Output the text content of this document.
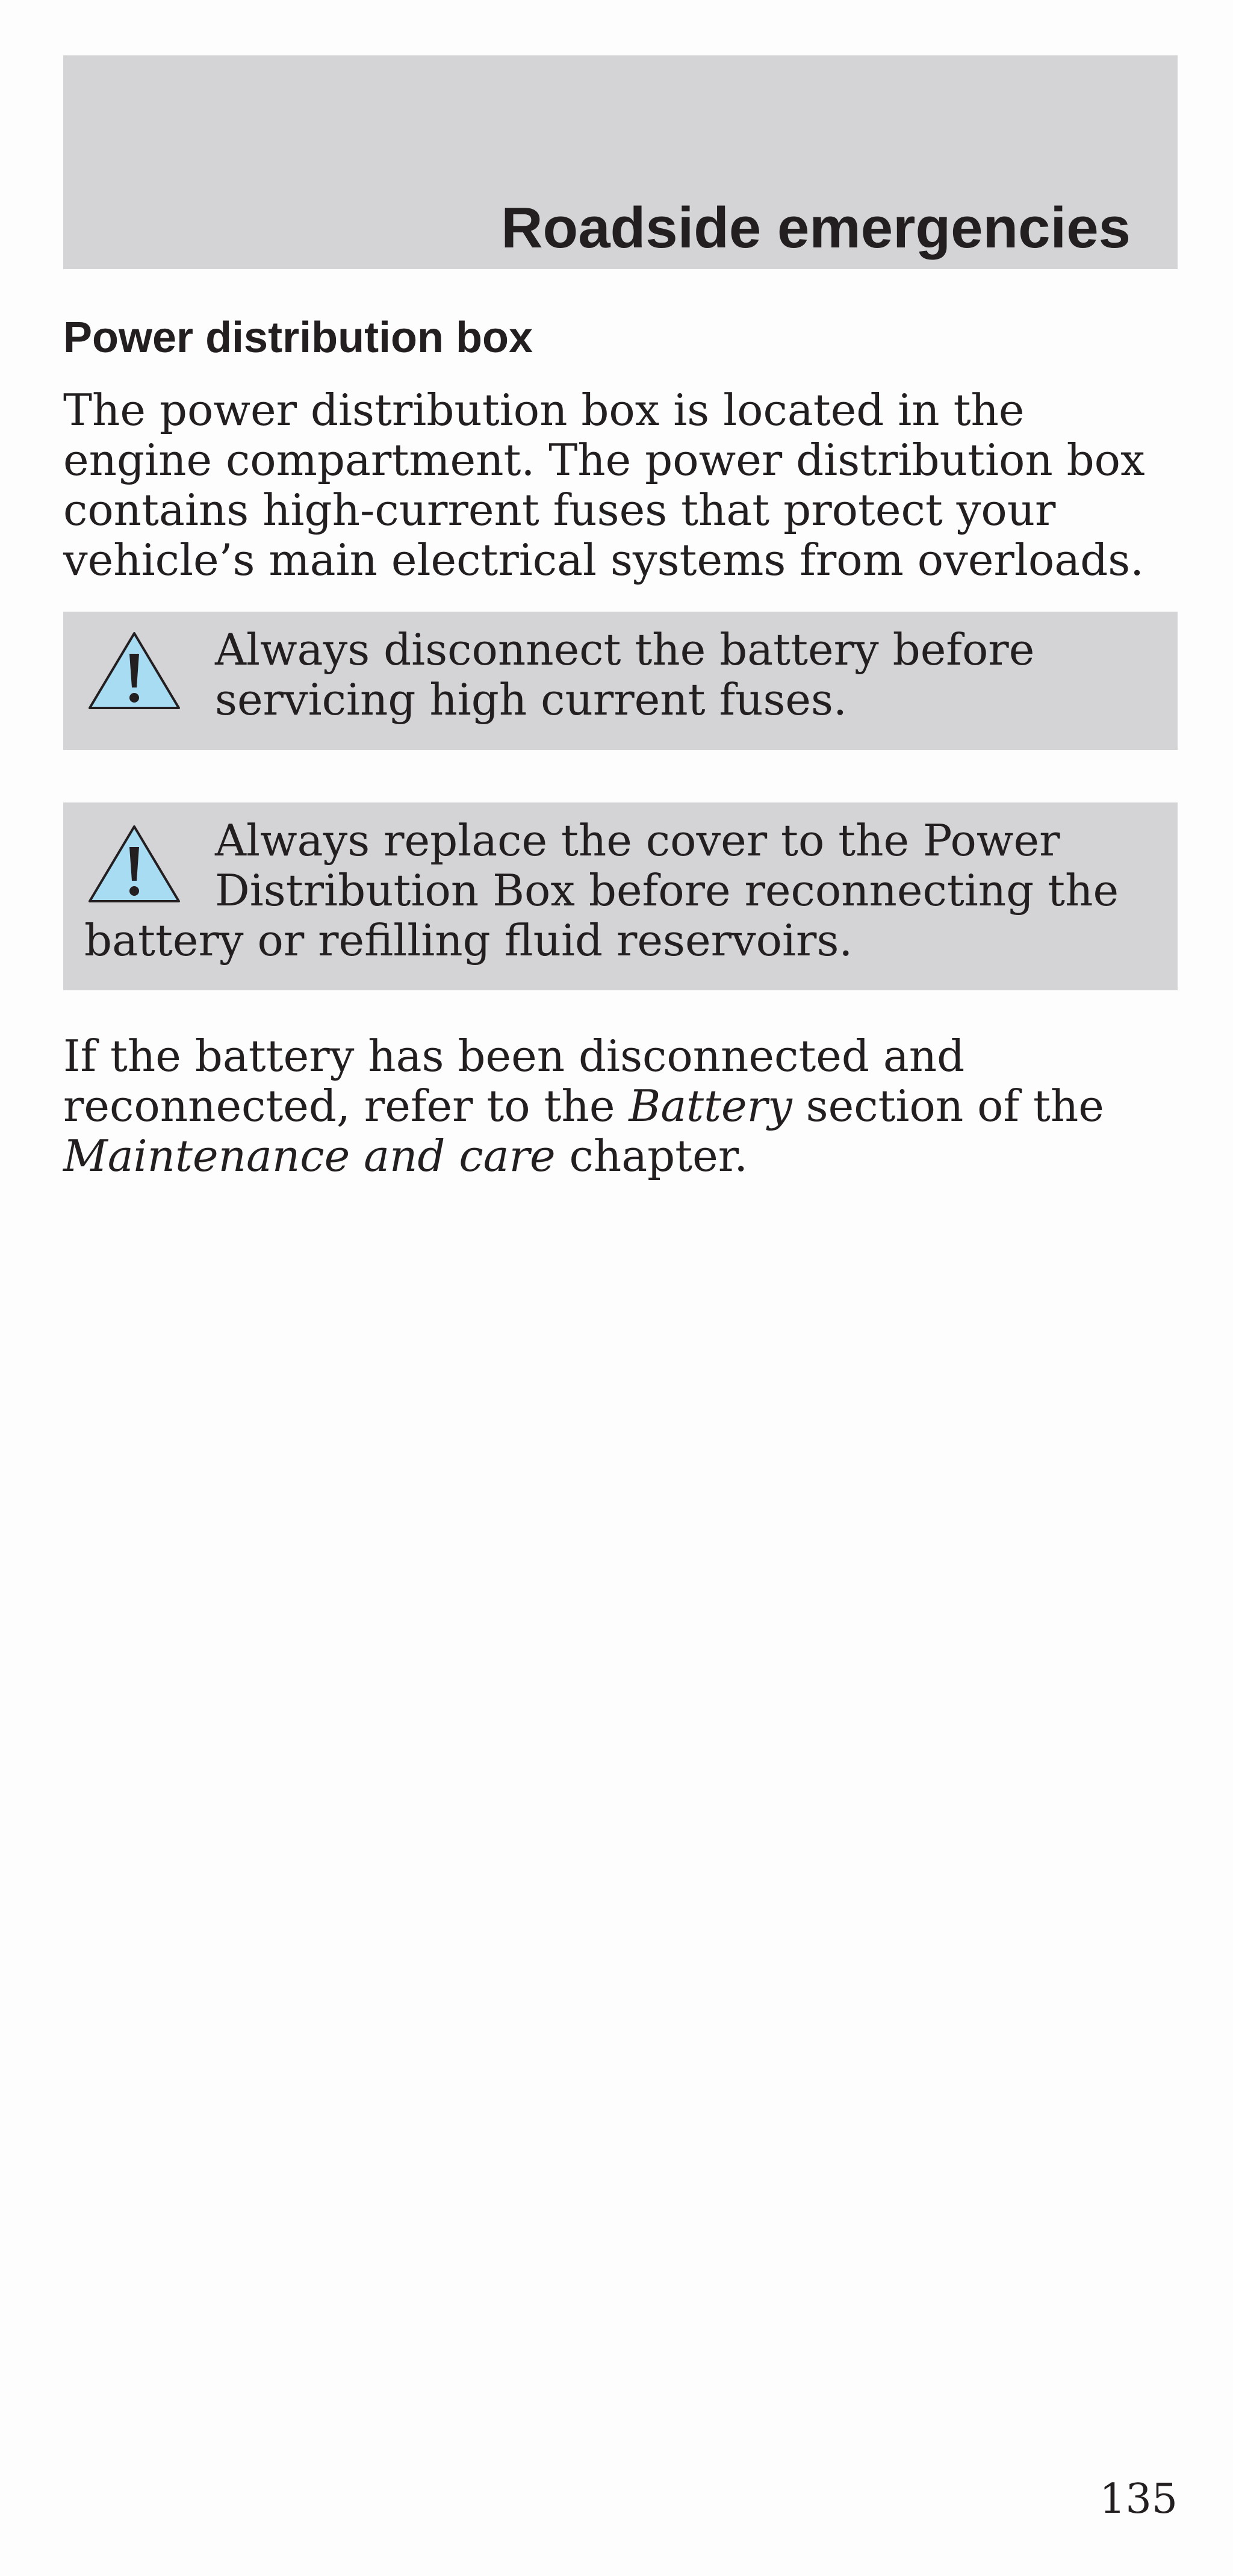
Roadside emergencies
Power distribution box

The power distribution box is located in the engine compartment. The power distribution box contains high-current fuses that protect your vehicle’s main electrical systems from overloads.

Always disconnect the battery before servicing high current fuses.

Always replace the cover to the Power Distribution Box before reconnecting the battery or refilling fluid reservoirs.

If the battery has been disconnected and reconnected, refer to the Battery section of the Maintenance and care chapter.

135
